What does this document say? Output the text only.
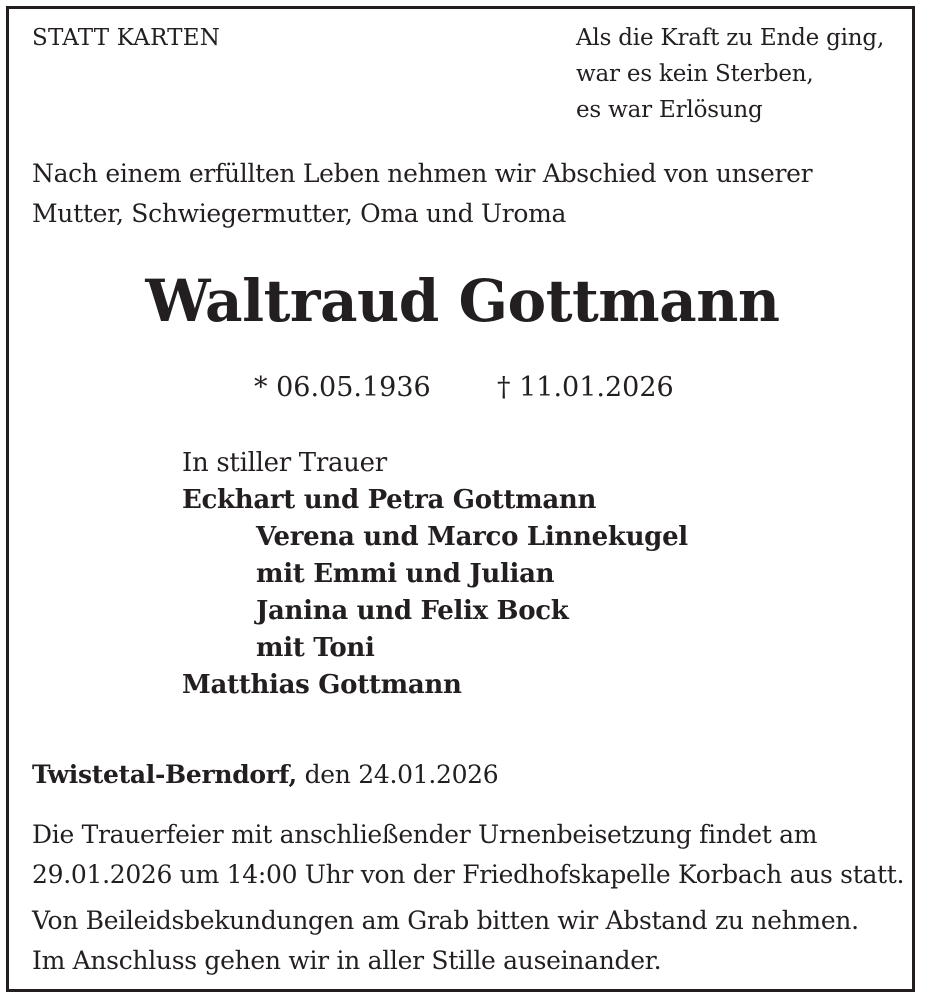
STATT KARTEN	Als die Kraft zu Ende ging,
war es kein Sterben,
es war Erlösung
Nach einem erfüllten Leben nehmen wir Abschied von unserer
Mutter, Schwiegermutter, Oma und Uroma
Waltraud Gottmann
* 06.05.1936 † 11.01.2026
In stiller Trauer
Eckhart und Petra Gottmann
Verena und Marco Linnekugel
mit Emmi und Julian
Janina und Felix Bock
mit Toni
Matthias Gottmann
Twistetal-Berndorf, den 24.01.2026
Die Trauerfeier mit anschließender Urnenbeisetzung findet am
29.01.2026 um 14:00 Uhr von der Friedhofskapelle Korbach aus statt.
Von Beileidsbekundungen am Grab bitten wir Abstand zu nehmen.
Im Anschluss gehen wir in aller Stille auseinander.
